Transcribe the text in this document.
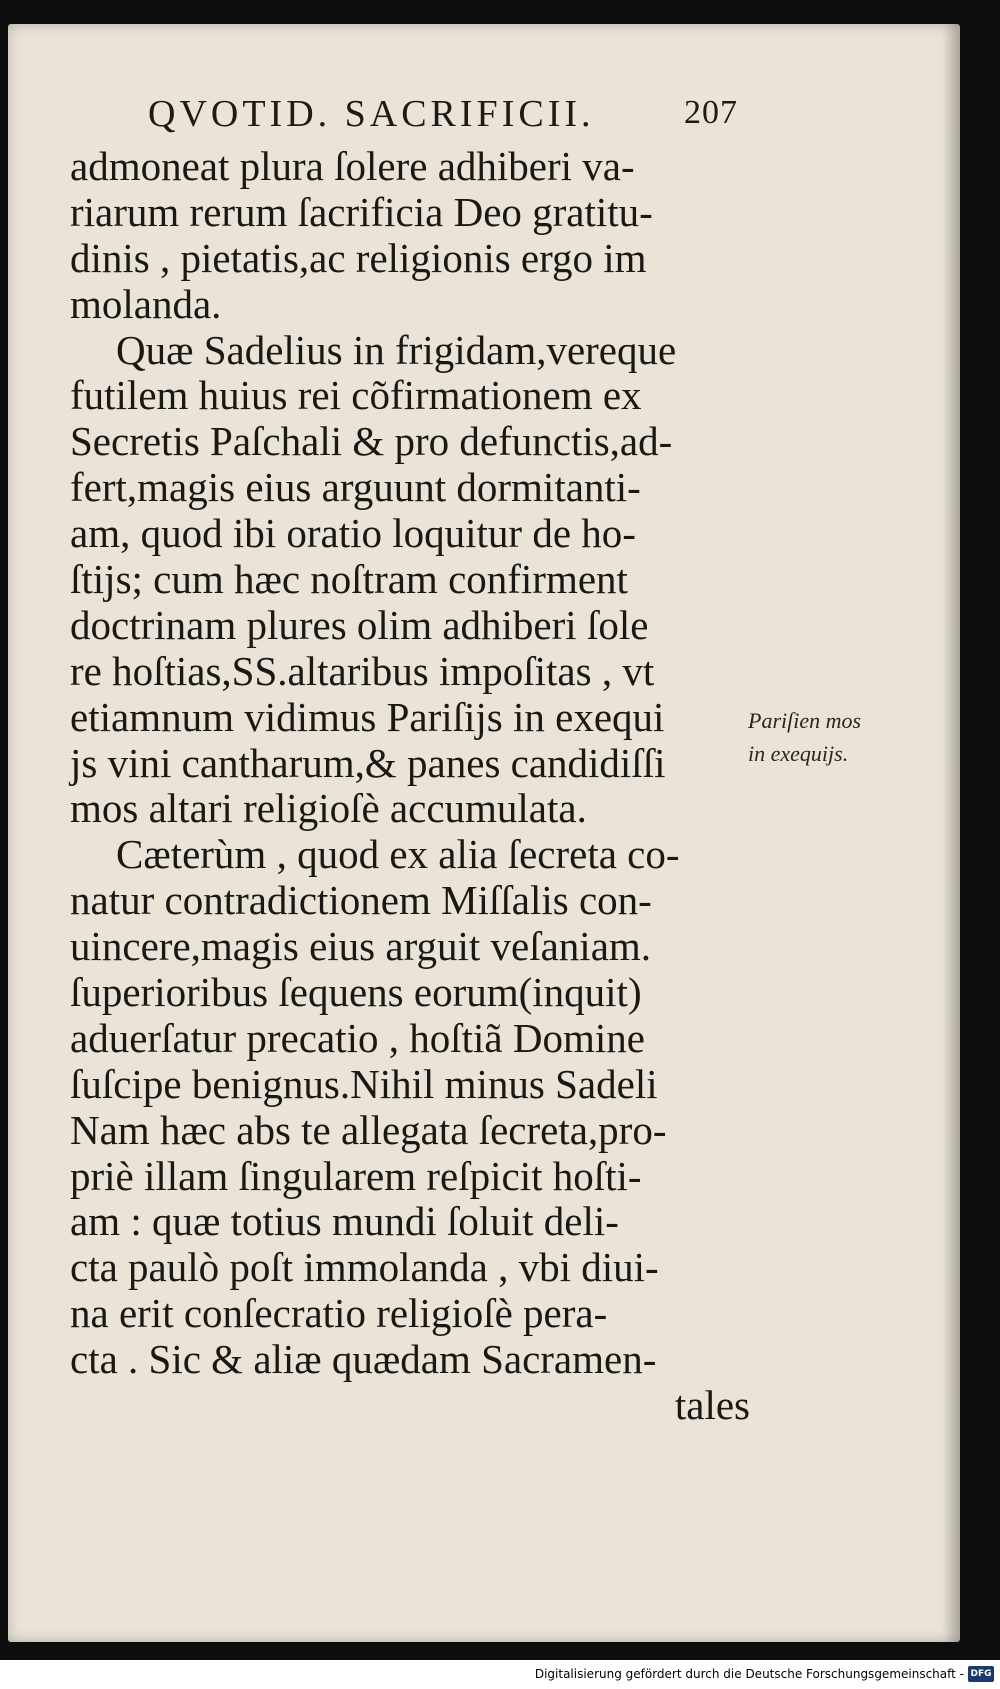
QVOTID. SACRIFICII.	207
admoneat plura ſolere adhiberi va-
riarum rerum ſacrificia Deo gratitu-
dinis , pietatis,ac religionis ergo im
molanda.
Quæ Sadelius in frigidam,vereque
futilem huius rei cõfirmationem ex
Secretis Paſchali & pro defunctis,ad-
fert,magis eius arguunt dormitanti-
am, quod ibi oratio loquitur de ho-
ſtijs; cum hæc noſtram confirment
doctrinam plures olim adhiberi ſole
re hoſtias,SS.altaribus impoſitas , vt
etiamnum vidimus Pariſijs in exequi
js vini cantharum,& panes candidiſſi
mos altari religioſè accumulata.
Cæterùm , quod ex alia ſecreta co-
natur contradictionem Miſſalis con-
uincere,magis eius arguit veſaniam.
ſuperioribus ſequens eorum(inquit)
aduerſatur precatio , hoſtiã Domine
ſuſcipe benignus.Nihil minus Sadeli
Nam hæc abs te allegata ſecreta,pro-
priè illam ſingularem reſpicit hoſti-
am : quæ totius mundi ſoluit deli-
cta paulò poſt immolanda , vbi diui-
na erit conſecratio religioſè pera-
cta . Sic & aliæ quædam Sacramen-
tales
Pariſien mos
in exequijs.
Digitalisierung gefördert durch die Deutsche Forschungsgemeinschaft - DFG
